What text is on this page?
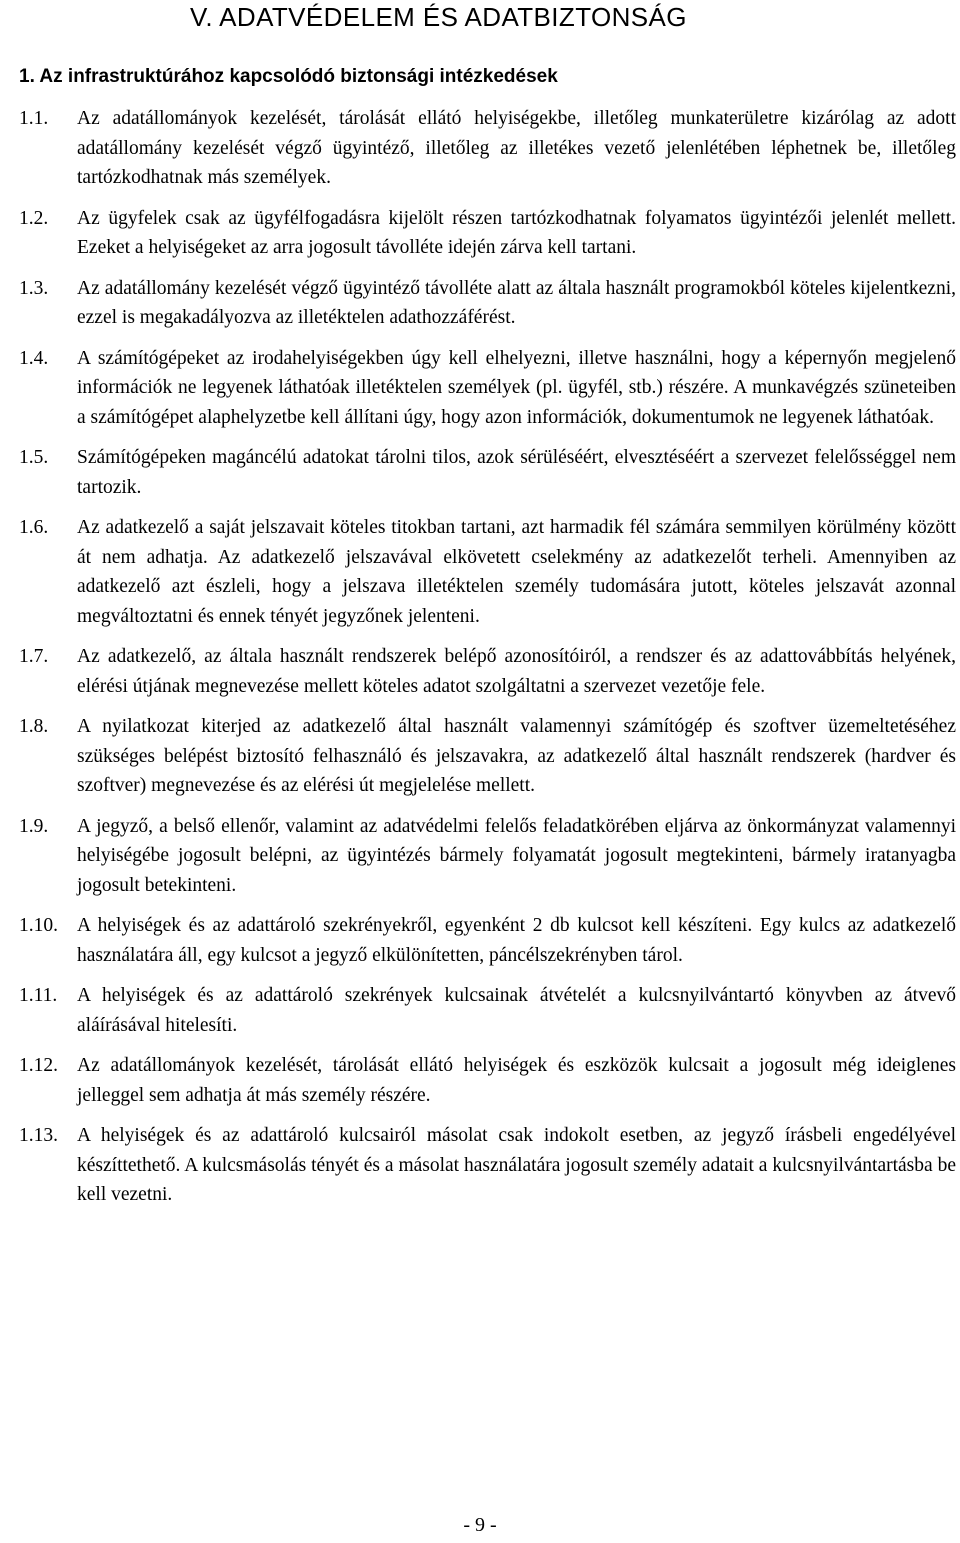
V. ADATVÉDELEM ÉS ADATBIZTONSÁG
1. Az infrastruktúrához kapcsolódó biztonsági intézkedések
1.1.	Az adatállományok kezelését, tárolását ellátó helyiségekbe, illetőleg munkaterületre kizárólag az adott adatállomány kezelését végző ügyintéző, illetőleg az illetékes vezető jelenlétében léphetnek be, illetőleg tartózkodhatnak más személyek.
1.2.	Az ügyfelek csak az ügyfélfogadásra kijelölt részen tartózkodhatnak folyamatos ügyintézői jelenlét mellett. Ezeket a helyiségeket az arra jogosult távolléte idején zárva kell tartani.
1.3.	Az adatállomány kezelését végző ügyintéző távolléte alatt az általa használt programokból köteles kijelentkezni, ezzel is megakadályozva az illetéktelen adathozzáférést.
1.4.	A számítógépeket az irodahelyiségekben úgy kell elhelyezni, illetve használni, hogy a képernyőn megjelenő információk ne legyenek láthatóak illetéktelen személyek (pl. ügyfél, stb.) részére. A munkavégzés szüneteiben a számítógépet alaphelyzetbe kell állítani úgy, hogy azon információk, dokumentumok ne legyenek láthatóak.
1.5.	Számítógépeken magáncélú adatokat tárolni tilos, azok sérüléséért, elvesztéséért a szervezet felelősséggel nem tartozik.
1.6.	Az adatkezelő a saját jelszavait köteles titokban tartani, azt harmadik fél számára semmilyen körülmény között át nem adhatja. Az adatkezelő jelszavával elkövetett cselekmény az adatkezelőt terheli. Amennyiben az adatkezelő azt észleli, hogy a jelszava illetéktelen személy tudomására jutott, köteles jelszavát azonnal megváltoztatni és ennek tényét jegyzőnek jelenteni.
1.7.	Az adatkezelő, az általa használt rendszerek belépő azonosítóiról, a rendszer és az adattovábbítás helyének, elérési útjának megnevezése mellett köteles adatot szolgáltatni a szervezet vezetője fele.
1.8.	A nyilatkozat kiterjed az adatkezelő által használt valamennyi számítógép és szoftver üzemeltetéséhez szükséges belépést biztosító felhasználó és jelszavakra, az adatkezelő által használt rendszerek (hardver és szoftver) megnevezése és az elérési út megjelelése mellett.
1.9.	A jegyző, a belső ellenőr, valamint az adatvédelmi felelős feladatkörében eljárva az önkormányzat valamennyi helyiségébe jogosult belépni, az ügyintézés bármely folyamatát jogosult megtekinteni, bármely iratanyagba jogosult betekinteni.
1.10. A helyiségek és az adattároló szekrényekről, egyenként 2 db kulcsot kell készíteni. Egy kulcs az adatkezelő használatára áll, egy kulcsot a jegyző elkülönítetten, páncélszekrényben tárol.
1.11.	A helyiségek és az adattároló szekrények kulcsainak átvételét a kulcsnyilvántartó könyvben az átvevő aláírásával hitelesíti.
1.12. Az adatállományok kezelését, tárolását ellátó helyiségek és eszközök kulcsait a jogosult még ideiglenes jelleggel sem adhatja át más személy részére.
1.13. A helyiségek és az adattároló kulcsairól másolat csak indokolt esetben, az jegyző írásbeli engedélyével készíttethető. A kulcsmásolás tényét és a másolat használatára jogosult személy adatait a kulcsnyilvántartásba be kell vezetni.
- 9 -
